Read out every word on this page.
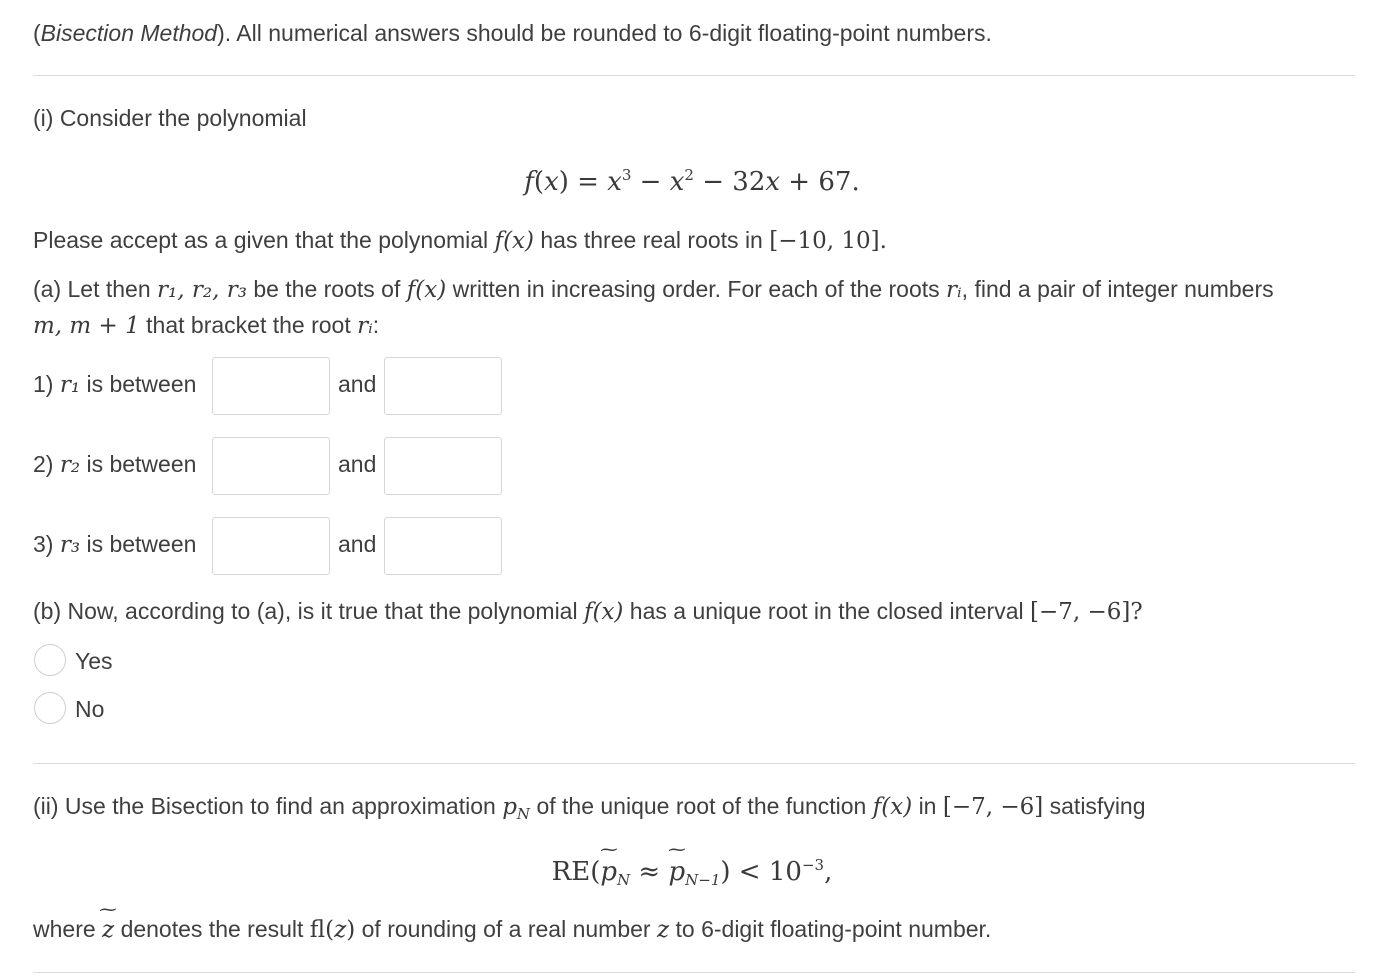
(Bisection Method). All numerical answers should be rounded to 6-digit floating-point numbers.
(i) Consider the polynomial
$f(x) = x^3 - x^2 - 32x + 67$.
Please accept as a given that the polynomial f(x) has three real roots in [−10, 10].
(a) Let then r₁, r₂, r₃ be the roots of f(x) written in increasing order. For each of the roots rᵢ, find a pair of integer numbers
m, m + 1 that bracket the root rᵢ:
1) r₁ is between	and
2) r₂ is between	and
3) r₃ is between	and
(b) Now, according to (a), is it true that the polynomial f(x) has a unique root in the closed interval [−7, −6]?
Yes
No
(ii) Use the Bisection to find an approximation $p_N$ of the unique root of the function f(x) in [−7, −6] satisfying
RE(~ $p_N$ ≈ ~ $p_{N-1}) < 10^{-3}$,
where ~ z denotes the result fl(z) of rounding of a real number z to 6-digit floating-point number.
